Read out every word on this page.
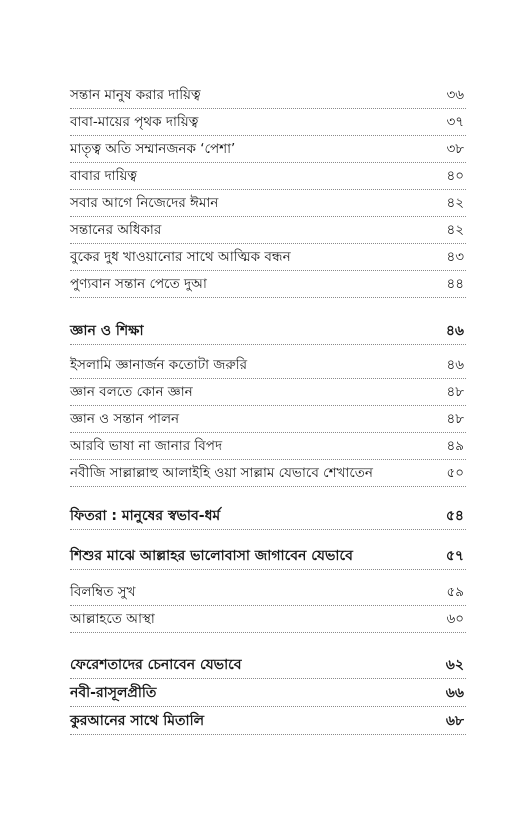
সন্তান মানুষ করার দায়িত্ব	৩৬
বাবা-মায়ের পৃথক দায়িত্ব	৩৭
মাতৃত্ব অতি সম্মানজনক ‘পেশা’	৩৮
বাবার দায়িত্ব	৪০
সবার আগে নিজেদের ঈমান	৪২
সন্তানের অধিকার	৪২
বুকের দুধ খাওয়ানোর সাথে আত্মিক বন্ধন	৪৩
পুণ্যবান সন্তান পেতে দুআ	৪৪
জ্ঞান ও শিক্ষা	৪৬
ইসলামি জ্ঞানার্জন কতোটা জরুরি	৪৬
জ্ঞান বলতে কোন জ্ঞান	৪৮
জ্ঞান ও সন্তান পালন	৪৮
আরবি ভাষা না জানার বিপদ	৪৯
নবীজি সাল্লাল্লাহু আলাইহি ওয়া সাল্লাম যেভাবে শেখাতেন	৫০
ফিতরা : মানুষের স্বভাব-ধর্ম	৫৪
শিশুর মাঝে আল্লাহর ভালোবাসা জাগাবেন যেভাবে	৫৭
বিলম্বিত সুখ	৫৯
আল্লাহতে আস্থা	৬০
ফেরেশতাদের চেনাবেন যেভাবে	৬২
নবী-রাসূলপ্রীতি	৬৬
কুরআনের সাথে মিতালি	৬৮
